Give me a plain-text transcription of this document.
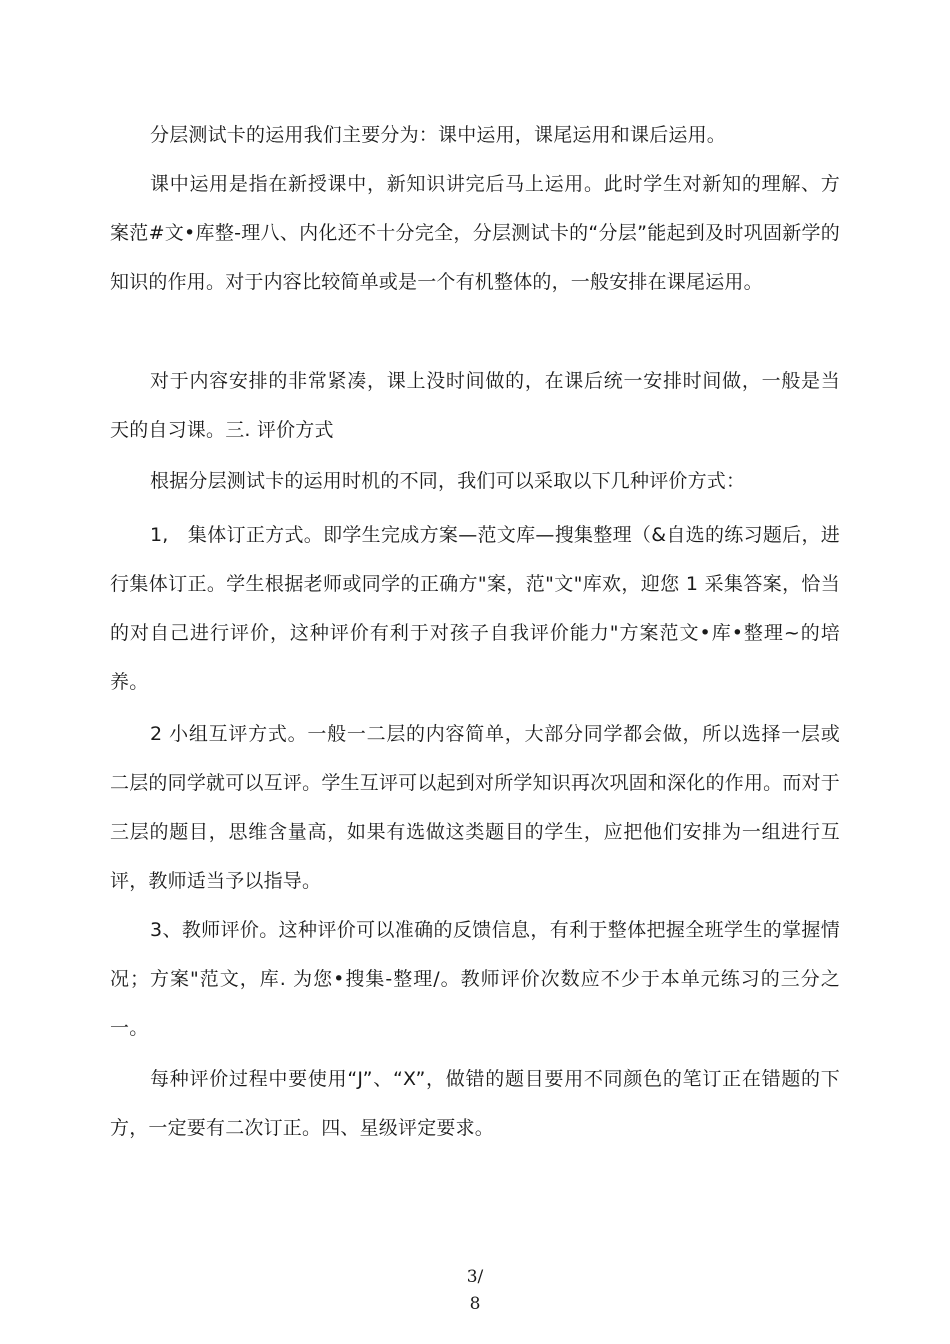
分层测试卡的运用我们主要分为：课中运用，课尾运用和课后运用。

课中运用是指在新授课中，新知识讲完后马上运用。此时学生对新知的理解、方案范#文•库整-理八、内化还不十分完全，分层测试卡的“分层”能起到及时巩固新学的知识的作用。对于内容比较简单或是一个有机整体的，一般安排在课尾运用。

对于内容安排的非常紧凑，课上没时间做的，在课后统一安排时间做，一般是当天的自习课。三. 评价方式

根据分层测试卡的运用时机的不同，我们可以采取以下几种评价方式：

1,　集体订正方式。即学生完成方案—范文库—搜集整理（&自选的练习题后，进行集体订正。学生根据老师或同学的正确方"案，范"文"库欢，迎您 1 采集答案，恰当的对自己进行评价，这种评价有利于对孩子自我评价能力"方案范文•库•整理~的培养。

2 小组互评方式。一般一二层的内容简单，大部分同学都会做，所以选择一层或二层的同学就可以互评。学生互评可以起到对所学知识再次巩固和深化的作用。而对于三层的题目，思维含量高，如果有选做这类题目的学生，应把他们安排为一组进行互评，教师适当予以指导。

3、教师评价。这种评价可以准确的反馈信息，有利于整体把握全班学生的掌握情况；方案"范文，库. 为您•搜集-整理/。教师评价次数应不少于本单元练习的三分之一。

每种评价过程中要使用“J”、“X”，做错的题目要用不同颜色的笔订正在错题的下方，一定要有二次订正。四、星级评定要求。

3/
8
